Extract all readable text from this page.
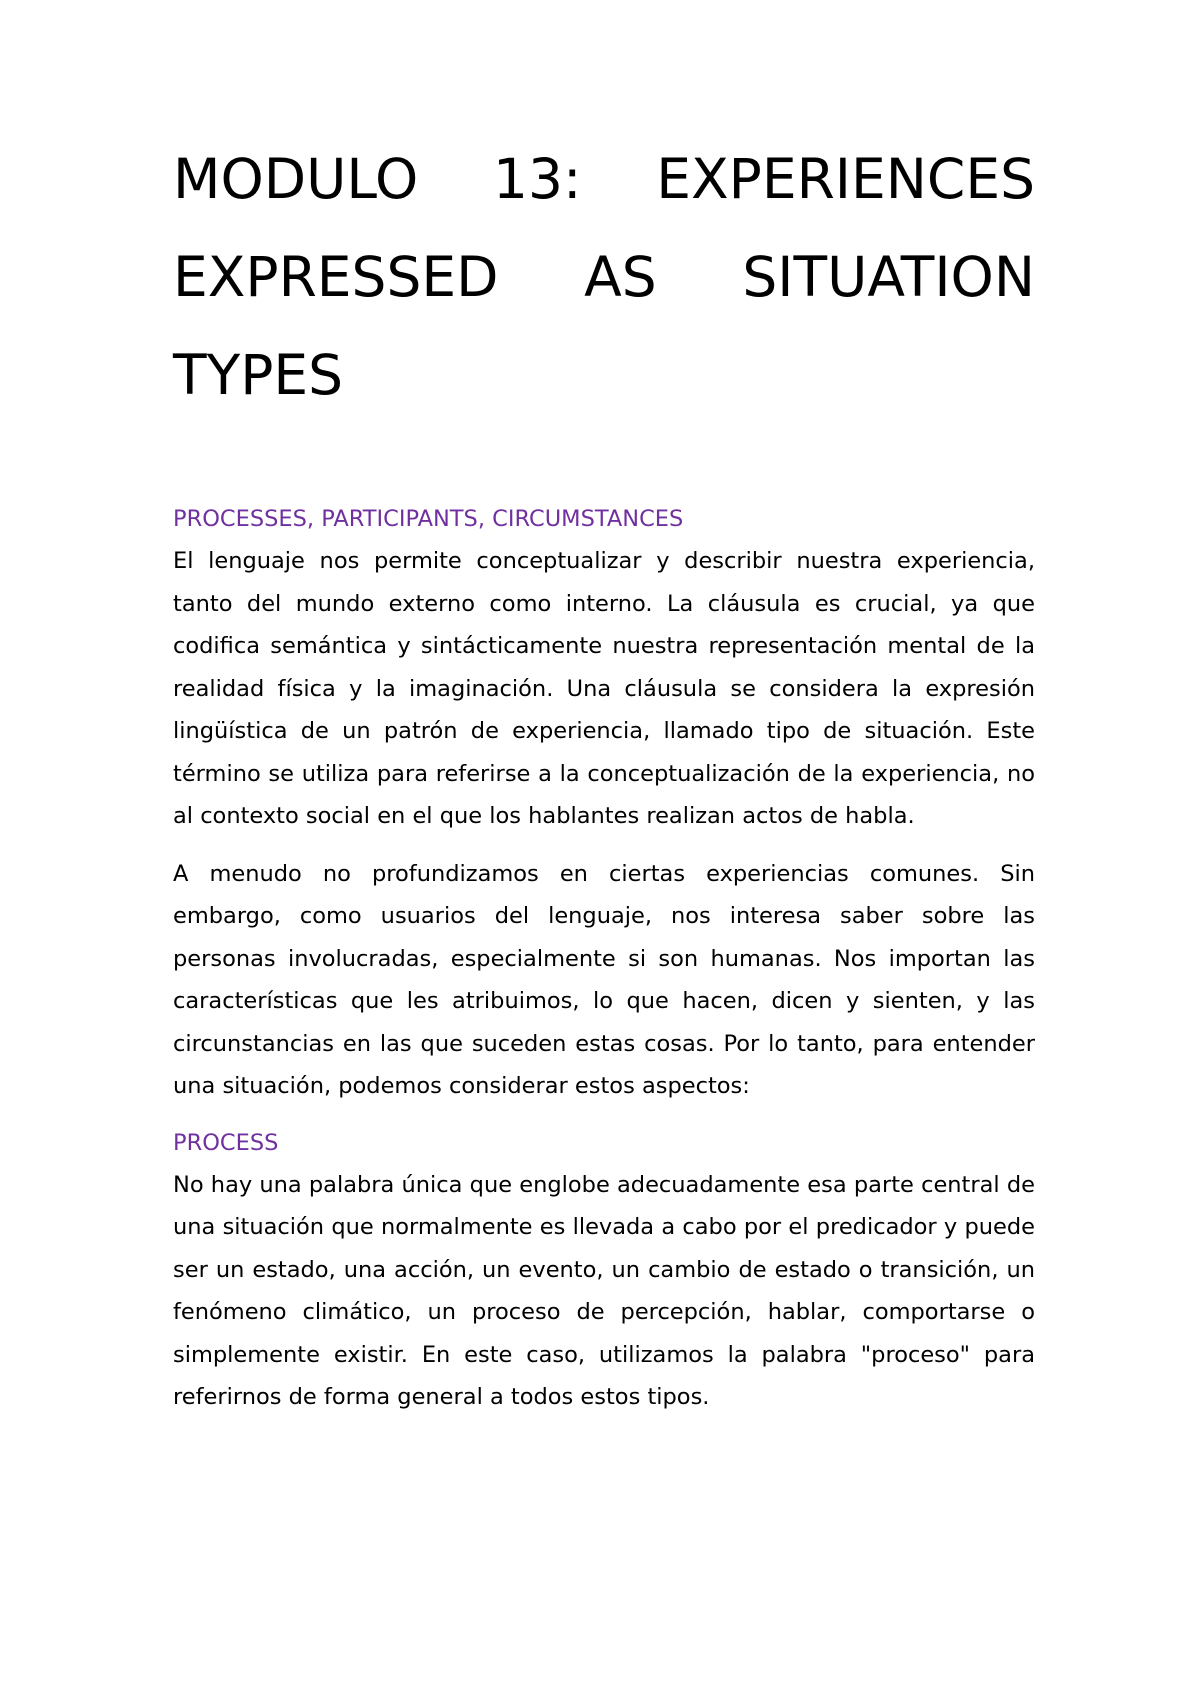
MODULO 13: EXPERIENCES EXPRESSED AS SITUATION TYPES
PROCESSES, PARTICIPANTS, CIRCUMSTANCES

El lenguaje nos permite conceptualizar y describir nuestra experiencia, tanto del mundo externo como interno. La cláusula es crucial, ya que codifica semántica y sintácticamente nuestra representación mental de la realidad física y la imaginación. Una cláusula se considera la expresión lingüística de un patrón de experiencia, llamado tipo de situación. Este término se utiliza para referirse a la conceptualización de la experiencia, no al contexto social en el que los hablantes realizan actos de habla.

A menudo no profundizamos en ciertas experiencias comunes. Sin embargo, como usuarios del lenguaje, nos interesa saber sobre las personas involucradas, especialmente si son humanas. Nos importan las características que les atribuimos, lo que hacen, dicen y sienten, y las circunstancias en las que suceden estas cosas. Por lo tanto, para entender una situación, podemos considerar estos aspectos:

PROCESS

No hay una palabra única que englobe adecuadamente esa parte central de una situación que normalmente es llevada a cabo por el predicador y puede ser un estado, una acción, un evento, un cambio de estado o transición, un fenómeno climático, un proceso de percepción, hablar, comportarse o simplemente existir. En este caso, utilizamos la palabra "proceso" para referirnos de forma general a todos estos tipos.
